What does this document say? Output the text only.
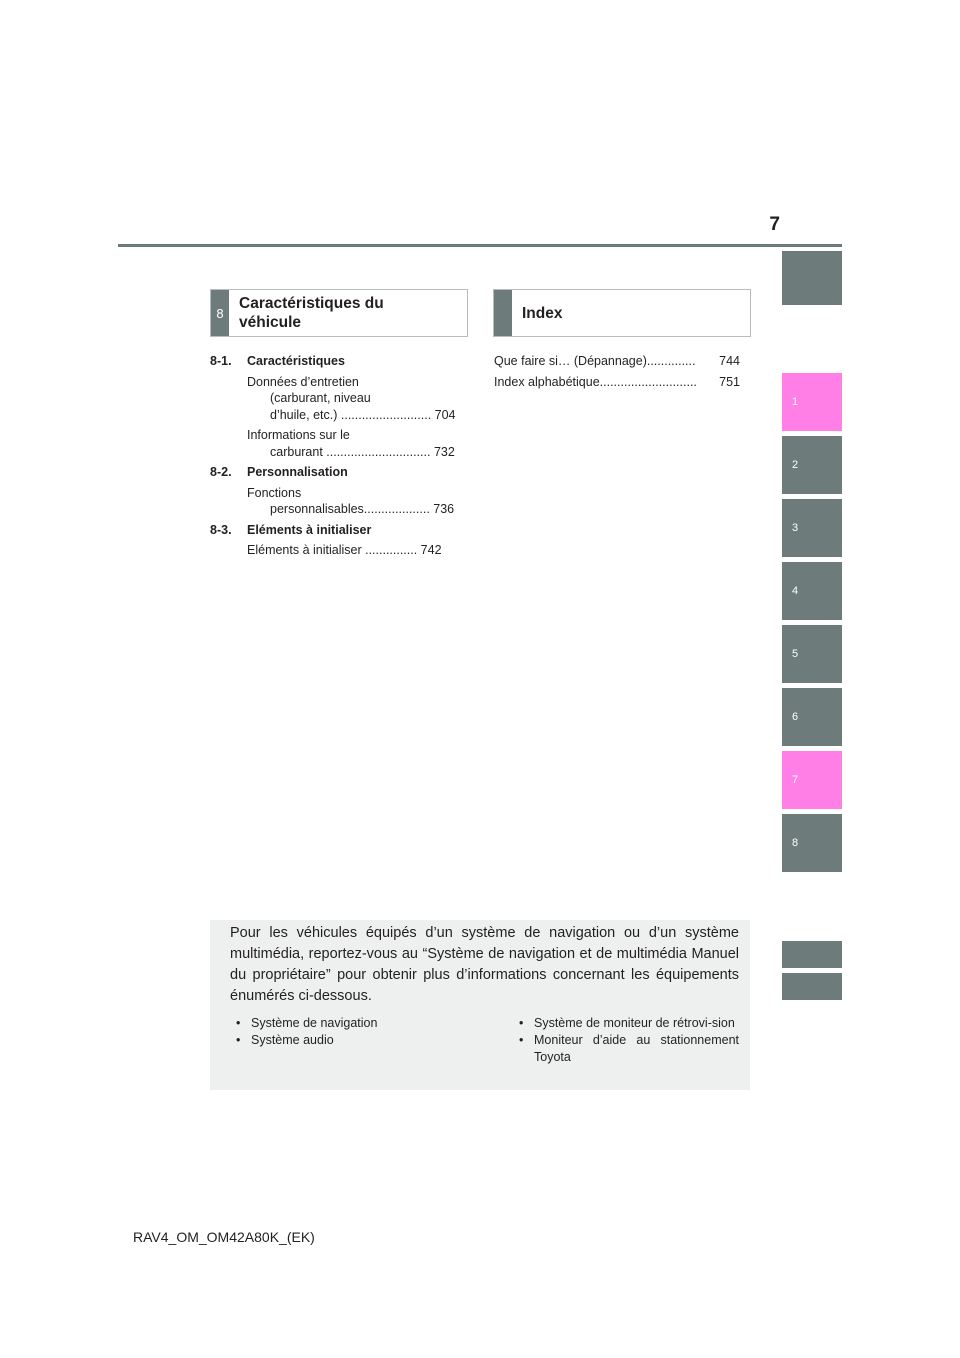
7
1
2
3
4
5
6
7
8
8
Caractéristiques du
véhicule
Index
8-1.	Caractéristiques
Données d’entretien
(carburant, niveau
d’huile, etc.) .......................... 704
Informations sur le
carburant .............................. 732
8-2.	Personnalisation
Fonctions
personnalisables................... 736
8-3.	Eléments à initialiser
Eléments à initialiser ............... 742
Que faire si… (Dépannage) ..............	744
Index alphabétique ............................	751
Pour les véhicules équipés d’un système de navigation ou d’un système multimédia, reportez-vous au “Système de navigation et de multimédia Manuel du propriétaire” pour obtenir plus d’informations concernant les équipements énumérés ci-dessous.
• Système de navigation
• Système audio
• Système de moniteur de rétrovi-sion
• Moniteur d’aide au stationnement Toyota
RAV4_OM_OM42A80K_(EK)
